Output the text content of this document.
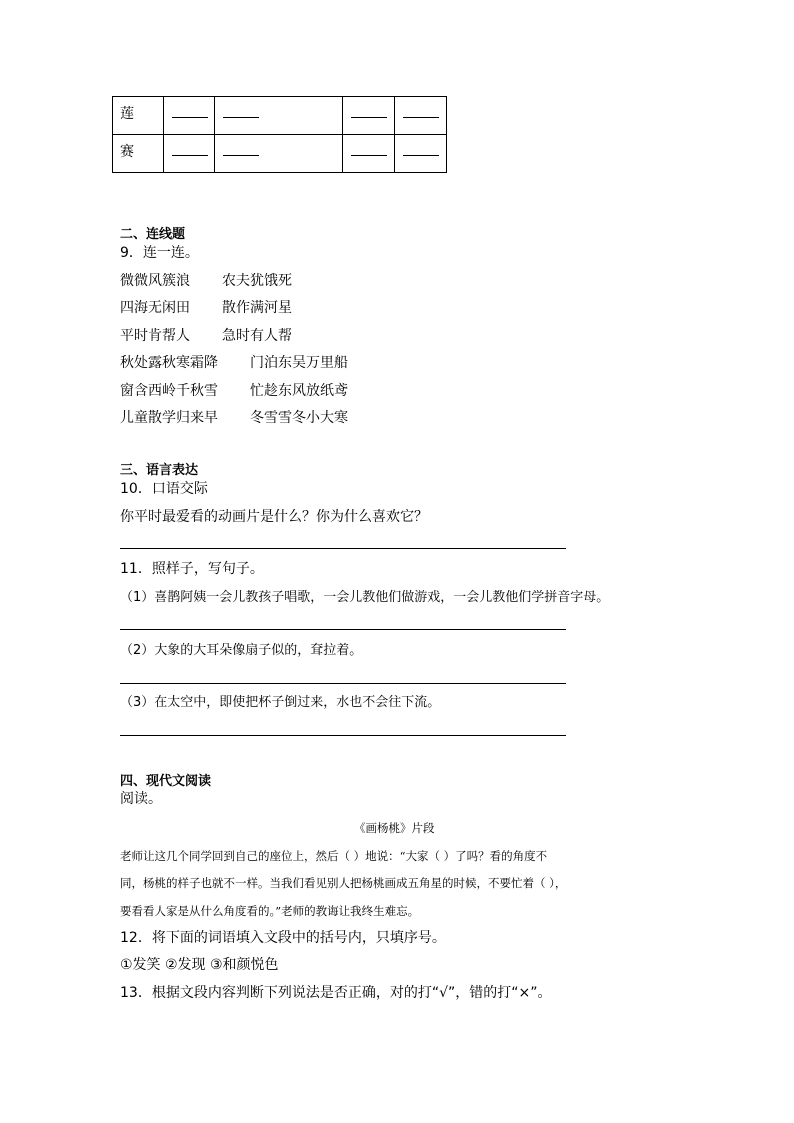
莲				
赛				
二、连线题
9．连一连。
微微风簇浪 农夫犹饿死
四海无闲田 散作满河星
平时肯帮人 急时有人帮
秋处露秋寒霜降 门泊东吴万里船
窗含西岭千秋雪 忙趁东风放纸鸢
儿童散学归来早 冬雪雪冬小大寒
三、语言表达
10．口语交际
你平时最爱看的动画片是什么？你为什么喜欢它？
11．照样子，写句子。
（1）喜鹊阿姨一会儿教孩子唱歌，一会儿教他们做游戏，一会儿教他们学拼音字母。
（2）大象的大耳朵像扇子似的，耷拉着。
（3）在太空中，即使把杯子倒过来，水也不会往下流。
四、现代文阅读
阅读。
《画杨桃》片段
老师让这几个同学回到自己的座位上，然后（ ）地说：“大家（ ）了吗？看的角度不
同，杨桃的样子也就不一样。当我们看见别人把杨桃画成五角星的时候，不要忙着（ ），
要看看人家是从什么角度看的。”老师的教诲让我终生难忘。
12．将下面的词语填入文段中的括号内，只填序号。
①发笑 ②发现 ③和颜悦色
13．根据文段内容判断下列说法是否正确，对的打“√”，错的打“×”。
